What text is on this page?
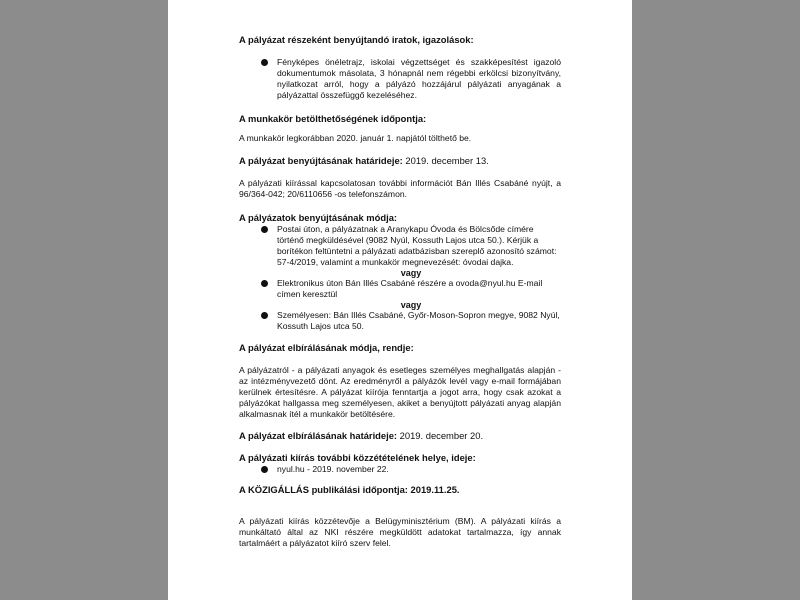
A pályázat részeként benyújtandó iratok, igazolások:
Fényképes önéletrajz, iskolai végzettséget és szakképesítést igazoló dokumentumok másolata, 3 hónapnál nem régebbi erkölcsi bizonyítvány, nyilatkozat arról, hogy a pályázó hozzájárul pályázati anyagának a pályázattal összefüggő kezeléséhez.
A munkakör betölthetőségének időpontja:
A munkakör legkorábban 2020. január 1. napjától tölthető be.
A pályázat benyújtásának határideje: 2019. december 13.
A pályázati kiírással kapcsolatosan további információt Bán Illés Csabáné nyújt, a 96/364-042; 20/6110656 -os telefonszámon.
A pályázatok benyújtásának módja:
Postai úton, a pályázatnak a Aranykapu Óvoda és Bölcsőde címére történő megküldésével (9082 Nyúl, Kossuth Lajos utca 50.). Kérjük a borítékon feltüntetni a pályázati adatbázisban szereplő azonosító számot: 57-4/2019, valamint a munkakör megnevezését: óvodai dajka.
vagy
Elektronikus úton Bán Illés Csabáné részére a ovoda@nyul.hu E-mail címen keresztül
vagy
Személyesen: Bán Illés Csabáné, Győr-Moson-Sopron megye, 9082 Nyúl, Kossuth Lajos utca 50.
A pályázat elbírálásának módja, rendje:
A pályázatról - a pályázati anyagok és esetleges személyes meghallgatás alapján - az intézményvezető dönt. Az eredményről a pályázók levél vagy e-mail formájában kerülnek értesítésre. A pályázat kiírója fenntartja a jogot arra, hogy csak azokat a pályázókat hallgassa meg személyesen, akiket a benyújtott pályázati anyag alapján alkalmasnak ítél a munkakör betöltésére.
A pályázat elbírálásának határideje: 2019. december 20.
A pályázati kiírás további közzétételének helye, ideje:
nyul.hu - 2019. november 22.
A KÖZIGÁLLÁS publikálási időpontja: 2019.11.25.
A pályázati kiírás közzétevője a Belügyminisztérium (BM). A pályázati kiírás a munkáltató által az NKI részére megküldött adatokat tartalmazza, így annak tartalmáért a pályázatot kiíró szerv felel.
